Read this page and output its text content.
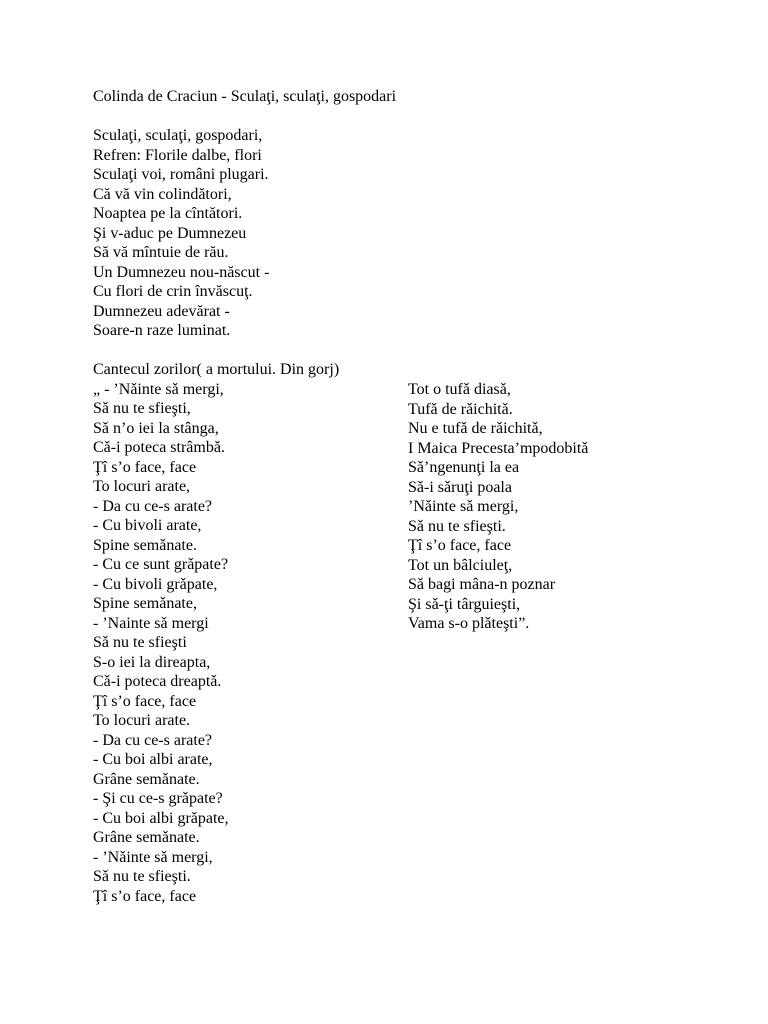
Colinda de Craciun - Sculaţi, sculaţi, gospodari
Sculaţi, sculaţi, gospodari,
Refren: Florile dalbe, flori
Sculaţi voi, români plugari.
Că vă vin colindători,
Noaptea pe la cîntători.
Şi v-aduc pe Dumnezeu
Să vă mîntuie de rău.
Un Dumnezeu nou-născut -
Cu flori de crin învăscuţ.
Dumnezeu adevărat -
Soare-n raze luminat.
Cantecul zorilor( a mortului. Din gorj)
„ - ’Nǎinte sǎ mergi,
Sǎ nu te sfieşti,
Sǎ n’o iei la stânga,
Cǎ-i poteca strâmbǎ.
Ţî s’o face, face
To locuri arate,
- Da cu ce-s arate?
- Cu bivoli arate,
Spine semǎnate.
- Cu ce sunt grǎpate?
- Cu bivoli grǎpate,
Spine semǎnate,
- ’Nainte sǎ mergi
Sǎ nu te sfieşti
S-o iei la direapta,
Cǎ-i poteca dreaptǎ.
Ţî s’o face, face
To locuri arate.
- Da cu ce-s arate?
- Cu boi albi arate,
Grâne semǎnate.
- Şi cu ce-s grǎpate?
- Cu boi albi grǎpate,
Grâne semǎnate.
- ’Nǎinte sǎ mergi,
Sǎ nu te sfieşti.
Ţî s’o face, face
Tot o tufǎ diasǎ,
Tufǎ de rǎichitǎ.
Nu e tufǎ de rǎichitǎ,
I Maica Precesta’mpodobitǎ
Sǎ’ngenunţi la ea
Sǎ-i sǎruţi poala
’Nǎinte sǎ mergi,
Sǎ nu te sfieşti.
Ţî s’o face, face
Tot un bâlciuleţ,
Sǎ bagi mâna-n poznar
Şi sǎ-ţi târguieşti,
Vama s-o plǎteşti”.
